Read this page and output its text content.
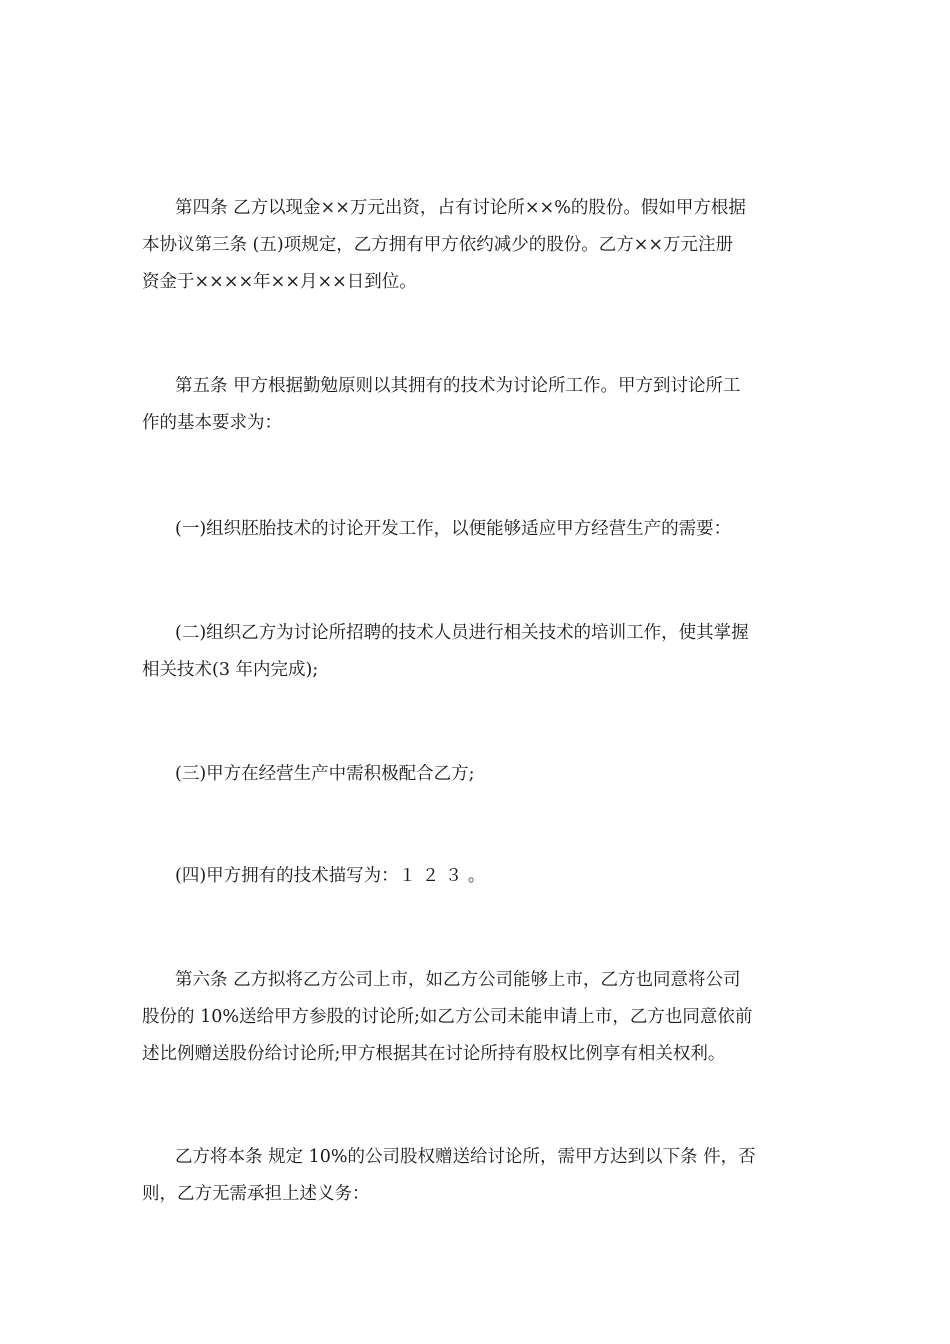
第四条 乙方以现金××万元出资，占有讨论所××%的股份。假如甲方根据
本协议第三条 (五)项规定，乙方拥有甲方依约减少的股份。乙方××万元注册
资金于××××年××月××日到位。
第五条 甲方根据勤勉原则以其拥有的技术为讨论所工作。甲方到讨论所工
作的基本要求为：
(一)组织胚胎技术的讨论开发工作，以便能够适应甲方经营生产的需要：
(二)组织乙方为讨论所招聘的技术人员进行相关技术的培训工作，使其掌握
相关技术(3 年内完成);
(三)甲方在经营生产中需积极配合乙方;
(四)甲方拥有的技术描写为：１ ２ ３ 。
第六条 乙方拟将乙方公司上市，如乙方公司能够上市，乙方也同意将公司
股份的 10%送给甲方参股的讨论所;如乙方公司未能申请上市，乙方也同意依前
述比例赠送股份给讨论所;甲方根据其在讨论所持有股权比例享有相关权利。
乙方将本条 规定 10%的公司股权赠送给讨论所，需甲方达到以下条 件，否
则，乙方无需承担上述义务：
